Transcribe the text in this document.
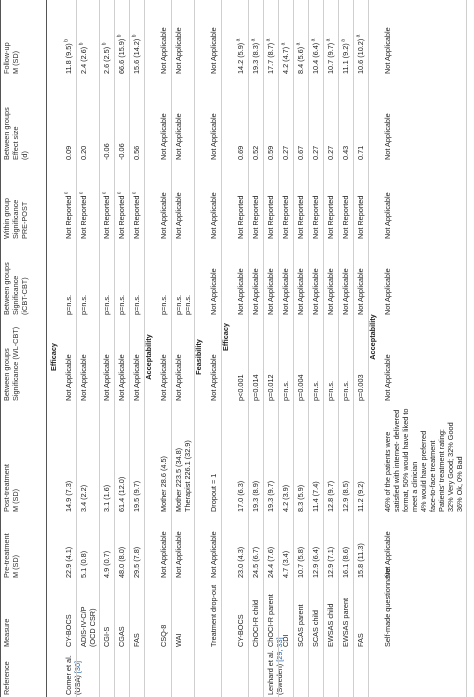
Reference
Measure
Pre-treatment M (SD)
Post-treatment M (SD)
Between groups Significance (WL-CBT)
Between groups Significance (iCBT-CBT)
Within group Significance PRE-POST
Between groups Effect size (d)
Follow-up M (SD)
Efficacy
Comer et al. (USA) [30]
CY-BOCS
22.9 (4.1)
14.9 (7.3)
Not Applicable
p=n.s.
Not Reported $^c$
0.09
11.8 (9.5) $^b$
ADIS-IV-C/P (OCD CSR)
5.1 (0.8)
3.4 (2.2)
Not Applicable
p=n.s.
Not Reported $^c$
0.20
2.4 (2.6) $^b$
CGI-S
4.9 (0.7)
3.1 (1.6)
Not Applicable
p=n.s.
Not Reported $^c$
-0.06
2.6 (2.5) $^b$
CGAS
48.0 (8.0)
61.4 (12.0)
Not Applicable
p=n.s.
Not Reported $^c$
-0.06
66.6 (15.9) $^b$
FAS
29.5 (7.8)
19.5 (9.7)
Not Applicable
p=n.s.
Not Reported $^c$
0.56
15.6 (14.2) $^b$
Acceptability
CSQ-8
Not Applicable
Mother 28.6 (4.5)
Not Applicable
p=n.s.
Not Applicable
Not Applicable
Not Applicable
WAI
Not Applicable
Mother 223.5 (34.8) Therapist 226.1 (32.9)
Not Applicable
p=n.s. p=n.s.
Not Applicable
Not Applicable
Not Applicable
Feasibility
Treatment drop-out
Not Applicable
Dropout = 1
Not Applicable
Not Applicable
Not Applicable
Not Applicable
Not Applicable
Efficacy
Lenhard et al. (Sweden) [29, 33]
CY-BOCS
23.0 (4.3)
17.0 (6.3)
p<0.001
Not Applicable
Not Reported
0.69
14.2 (5.9) $^a$
ChOCI-R child
24.5 (6.7)
19.3 (8.9)
p=0.014
Not Applicable
Not Reported
0.52
19.3 (8.3) $^a$
ChOCI-R parent
24.4 (7.6)
19.3 (9.7)
p=0.012
Not Applicable
Not Reported
0.59
17.7 (8.7) $^a$
CDI
4.7 (3.4)
4.2 (3.9)
p=n.s.
Not Applicable
Not Reported
0.27
4.2 (4.7) $^a$
SCAS parent
10.7 (5.8)
8.3 (5.9)
p=0.004
Not Applicable
Not Reported
0.67
8.4 (5.6) $^a$
SCAS child
12.9 (6.4)
11.4 (7.4)
p=n.s.
Not Applicable
Not Reported
0.27
10.4 (6.4) $^a$
EWSAS child
12.9 (7.1)
12.8 (9.7)
p=n.s.
Not Applicable
Not Reported
0.27
10.7 (9.7) $^a$
EWSAS parent
16.1 (8.6)
12.9 (8.5)
p=n.s.
Not Applicable
Not Reported
0.43
11.1 (9.2) $^a$
FAS
15.8 (11.3)
11.2 (9.2)
p=0.003
Not Applicable
Not Reported
0.71
10.6 (10.2) $^a$
Acceptability
Self-made questionnaire
Not Applicable
46% of the patients were satisfied with internet- delivered format, 50% would have liked to meet a clinician 4% would have preferred face-to-face treatment Patients' treatment rating: 32% Very Good; 32% Good 36% Ok, 0% Bad
Not Applicable
Not Applicable
Not Applicable
Not Applicable
Not Applicable
